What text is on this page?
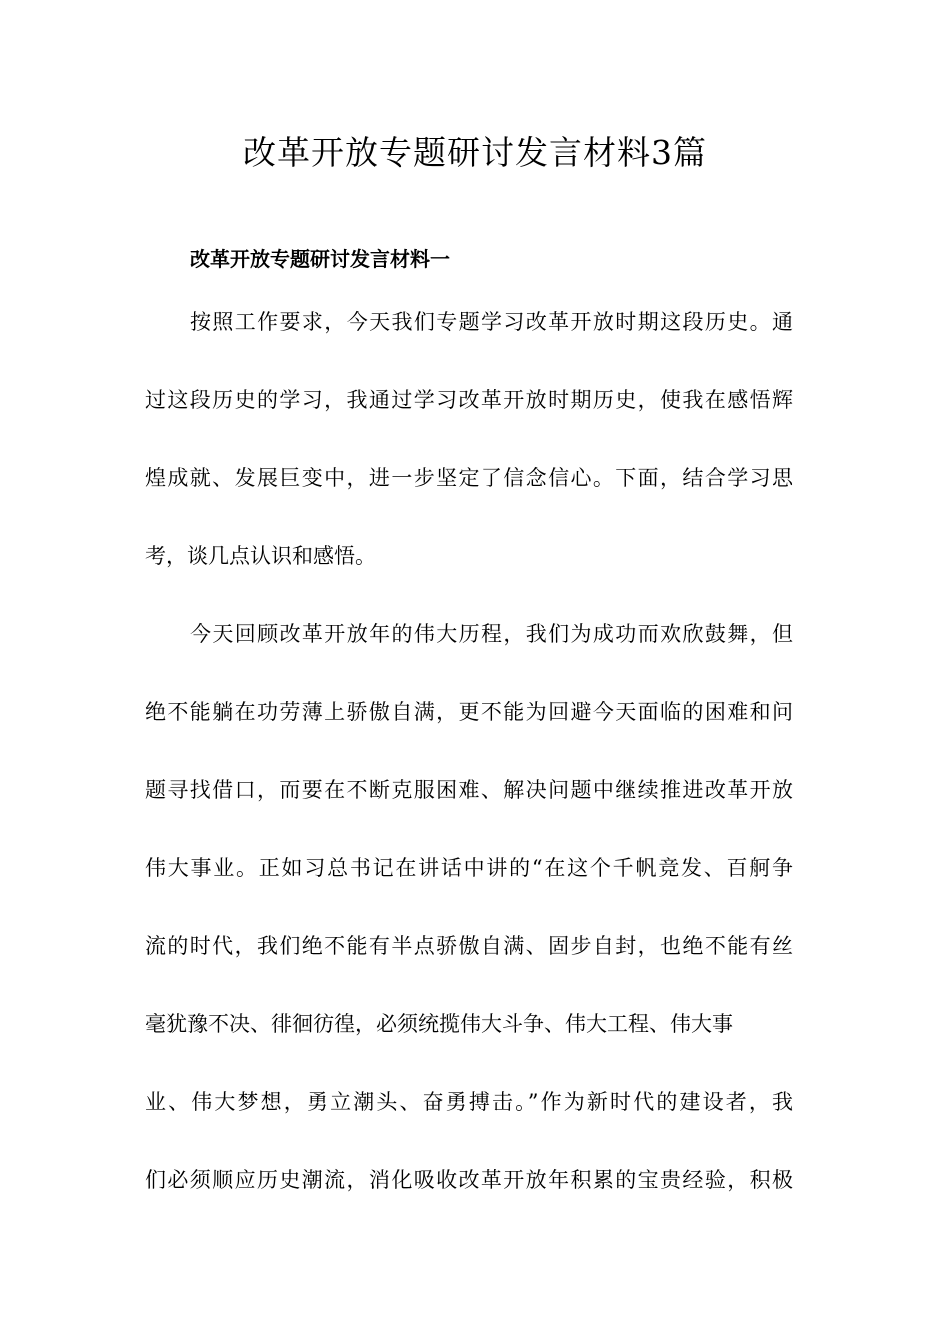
改革开放专题研讨发言材料3篇
改革开放专题研讨发言材料一
按照工作要求，今天我们专题学习改革开放时期这段历史。通
过这段历史的学习，我通过学习改革开放时期历史，使我在感悟辉
煌成就、发展巨变中，进一步坚定了信念信心。下面，结合学习思
考，谈几点认识和感悟。
今天回顾改革开放年的伟大历程，我们为成功而欢欣鼓舞，但
绝不能躺在功劳薄上骄傲自满，更不能为回避今天面临的困难和问
题寻找借口，而要在不断克服困难、解决问题中继续推进改革开放
伟大事业。正如习总书记在讲话中讲的“在这个千帆竞发、百舸争
流的时代，我们绝不能有半点骄傲自满、固步自封，也绝不能有丝
毫犹豫不决、徘徊彷徨，必须统揽伟大斗争、伟大工程、伟大事
业、伟大梦想，勇立潮头、奋勇搏击。”作为新时代的建设者，我
们必须顺应历史潮流，消化吸收改革开放年积累的宝贵经验，积极
